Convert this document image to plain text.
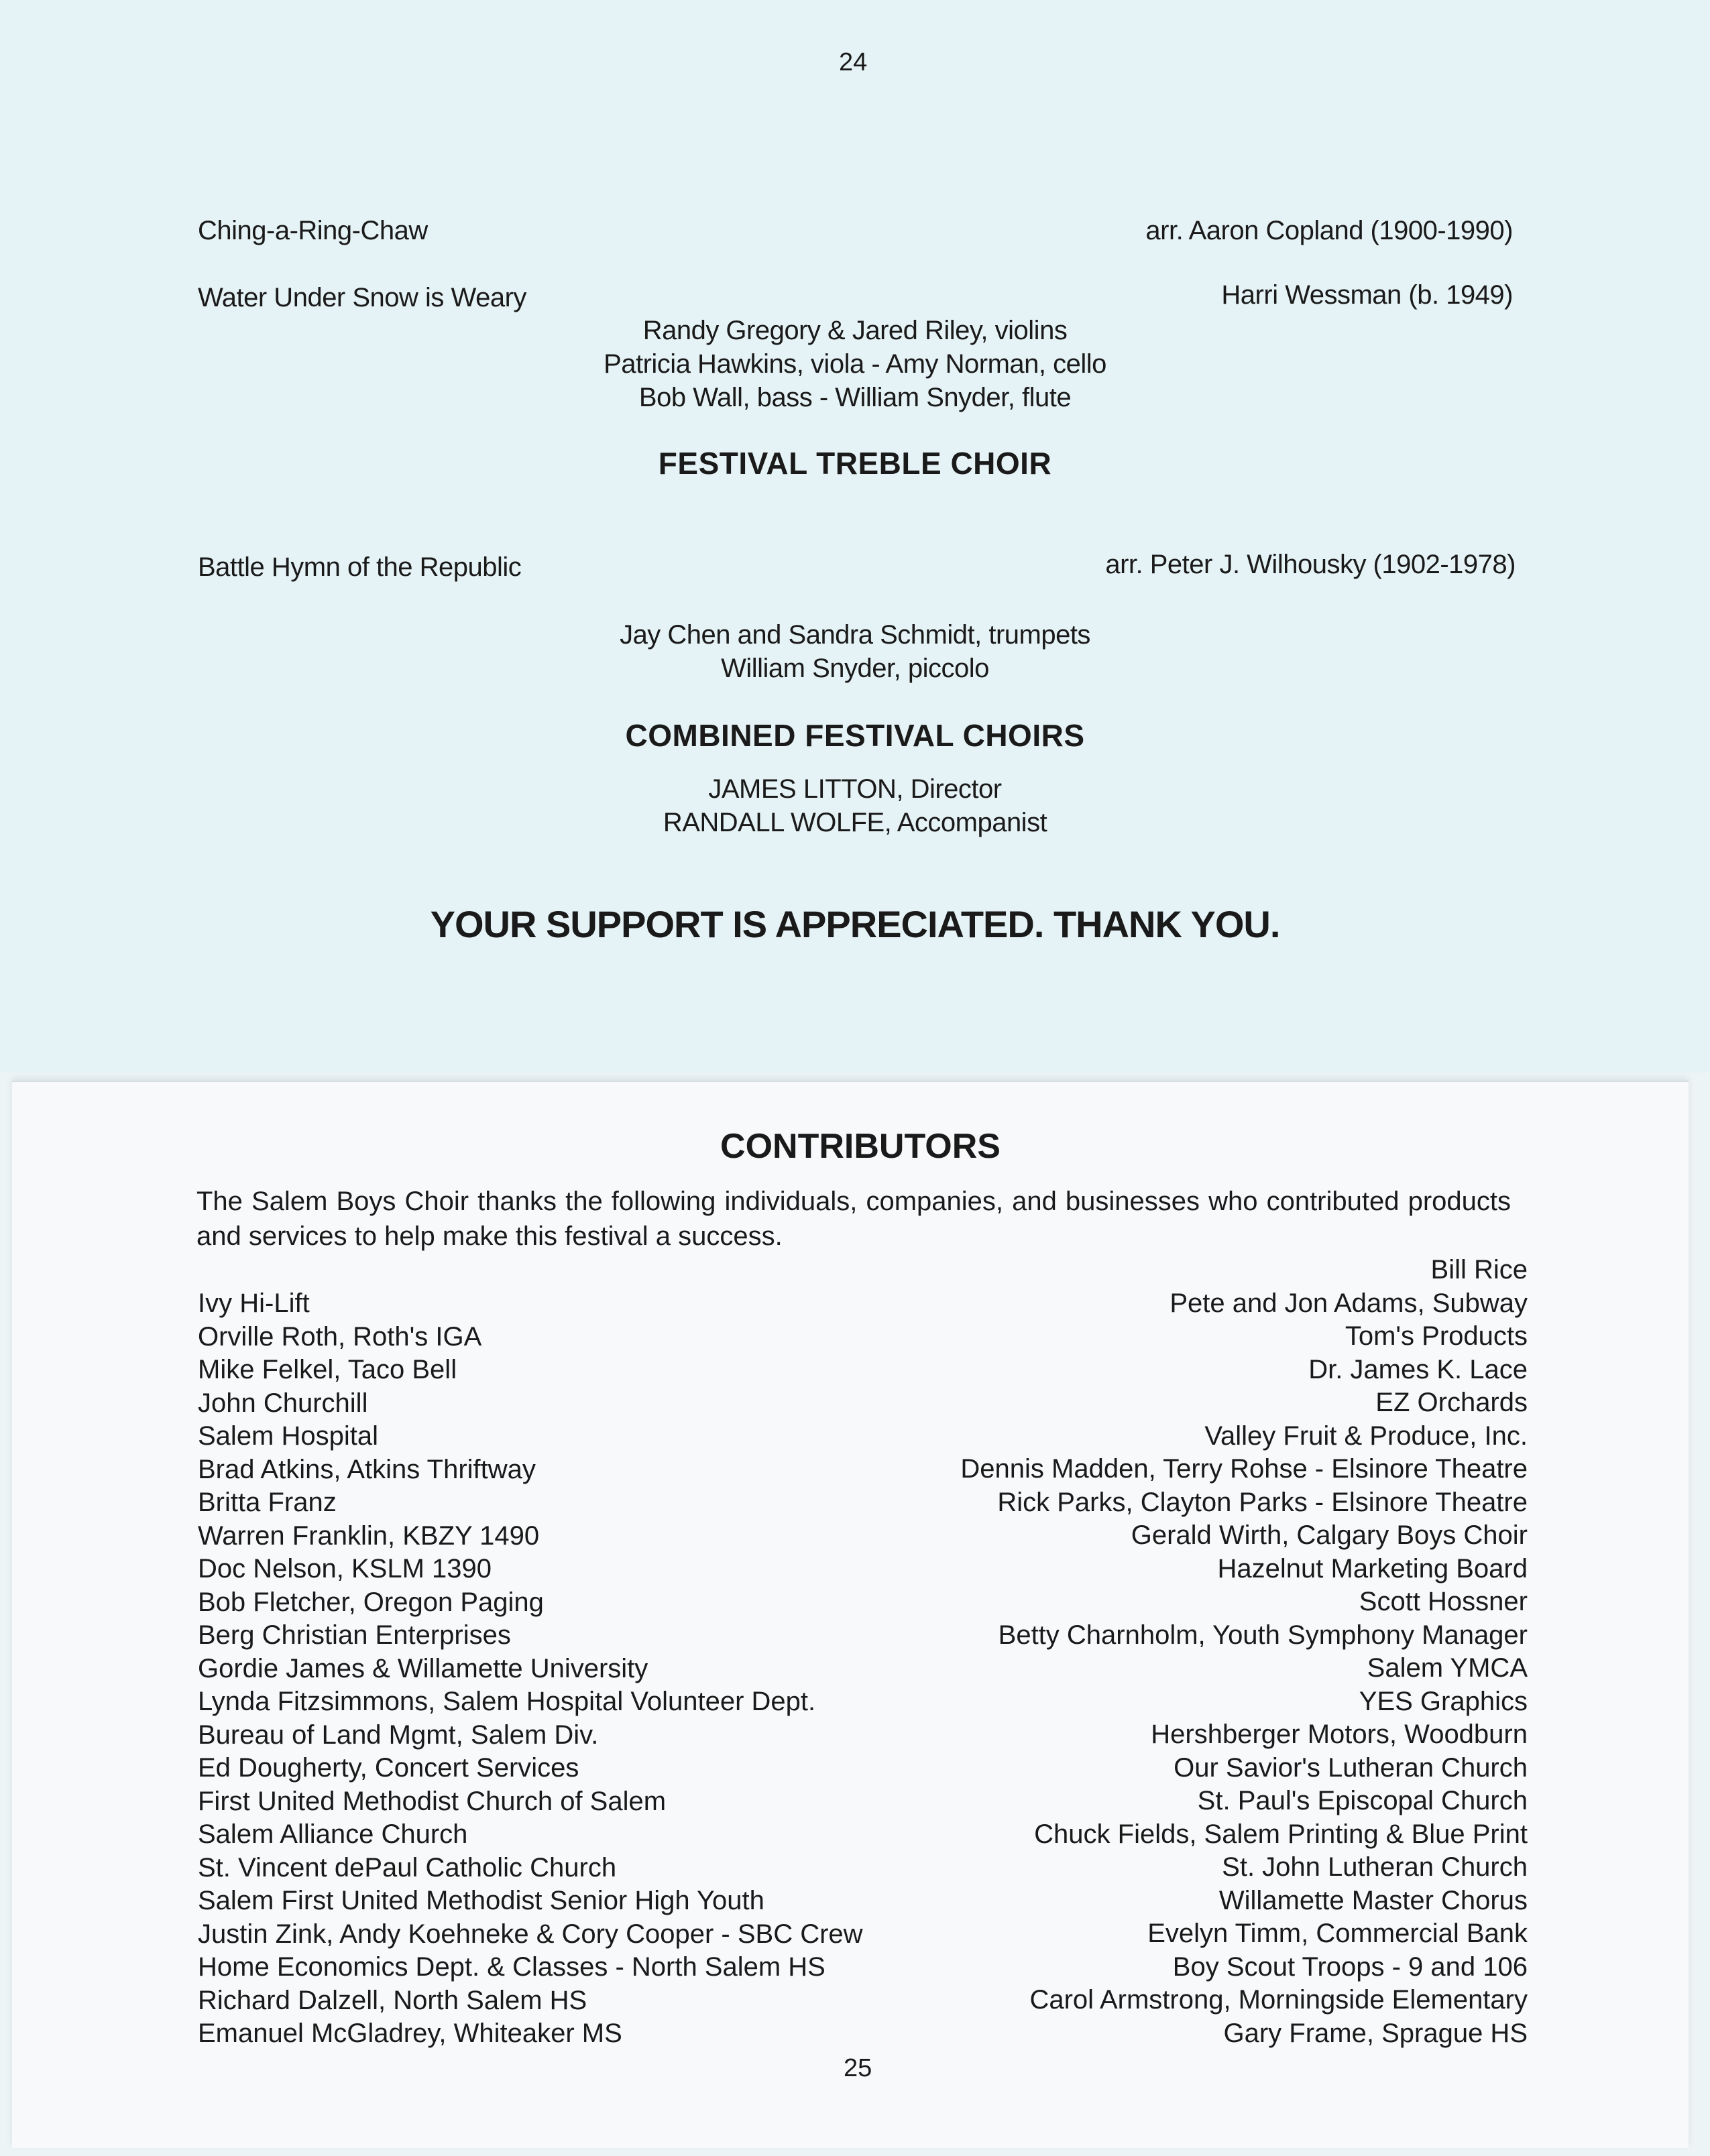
24
Ching-a-Ring-Chaw	arr. Aaron Copland (1900-1990)
Water Under Snow is Weary	Harri Wessman (b. 1949)
Randy Gregory & Jared Riley, violins
Patricia Hawkins, viola - Amy Norman, cello
Bob Wall, bass - William Snyder, flute
FESTIVAL TREBLE CHOIR
Battle Hymn of the Republic	arr. Peter J. Wilhousky (1902-1978)
Jay Chen and Sandra Schmidt, trumpets
William Snyder, piccolo
COMBINED FESTIVAL CHOIRS
JAMES LITTON, Director
RANDALL WOLFE, Accompanist
YOUR SUPPORT IS APPRECIATED. THANK YOU.
CONTRIBUTORS
The Salem Boys Choir thanks the following individuals, companies, and businesses who contributed products and services to help make this festival a success.
Ivy Hi-Lift
Orville Roth, Roth's IGA
Mike Felkel, Taco Bell
John Churchill
Salem Hospital
Brad Atkins, Atkins Thriftway
Britta Franz
Warren Franklin, KBZY 1490
Doc Nelson, KSLM 1390
Bob Fletcher, Oregon Paging
Berg Christian Enterprises
Gordie James & Willamette University
Lynda Fitzsimmons, Salem Hospital Volunteer Dept.
Bureau of Land Mgmt, Salem Div.
Ed Dougherty, Concert Services
First United Methodist Church of Salem
Salem Alliance Church
St. Vincent dePaul Catholic Church
Salem First United Methodist Senior High Youth
Justin Zink, Andy Koehneke & Cory Cooper - SBC Crew
Home Economics Dept. & Classes - North Salem HS
Richard Dalzell, North Salem HS
Emanuel McGladrey, Whiteaker MS
Bill Rice
Pete and Jon Adams, Subway
Tom's Products
Dr. James K. Lace
EZ Orchards
Valley Fruit & Produce, Inc.
Dennis Madden, Terry Rohse - Elsinore Theatre
Rick Parks, Clayton Parks - Elsinore Theatre
Gerald Wirth, Calgary Boys Choir
Hazelnut Marketing Board
Scott Hossner
Betty Charnholm, Youth Symphony Manager
Salem YMCA
YES Graphics
Hershberger Motors, Woodburn
Our Savior's Lutheran Church
St. Paul's Episcopal Church
Chuck Fields, Salem Printing & Blue Print
St. John Lutheran Church
Willamette Master Chorus
Evelyn Timm, Commercial Bank
Boy Scout Troops - 9 and 106
Carol Armstrong, Morningside Elementary
Gary Frame, Sprague HS
25
